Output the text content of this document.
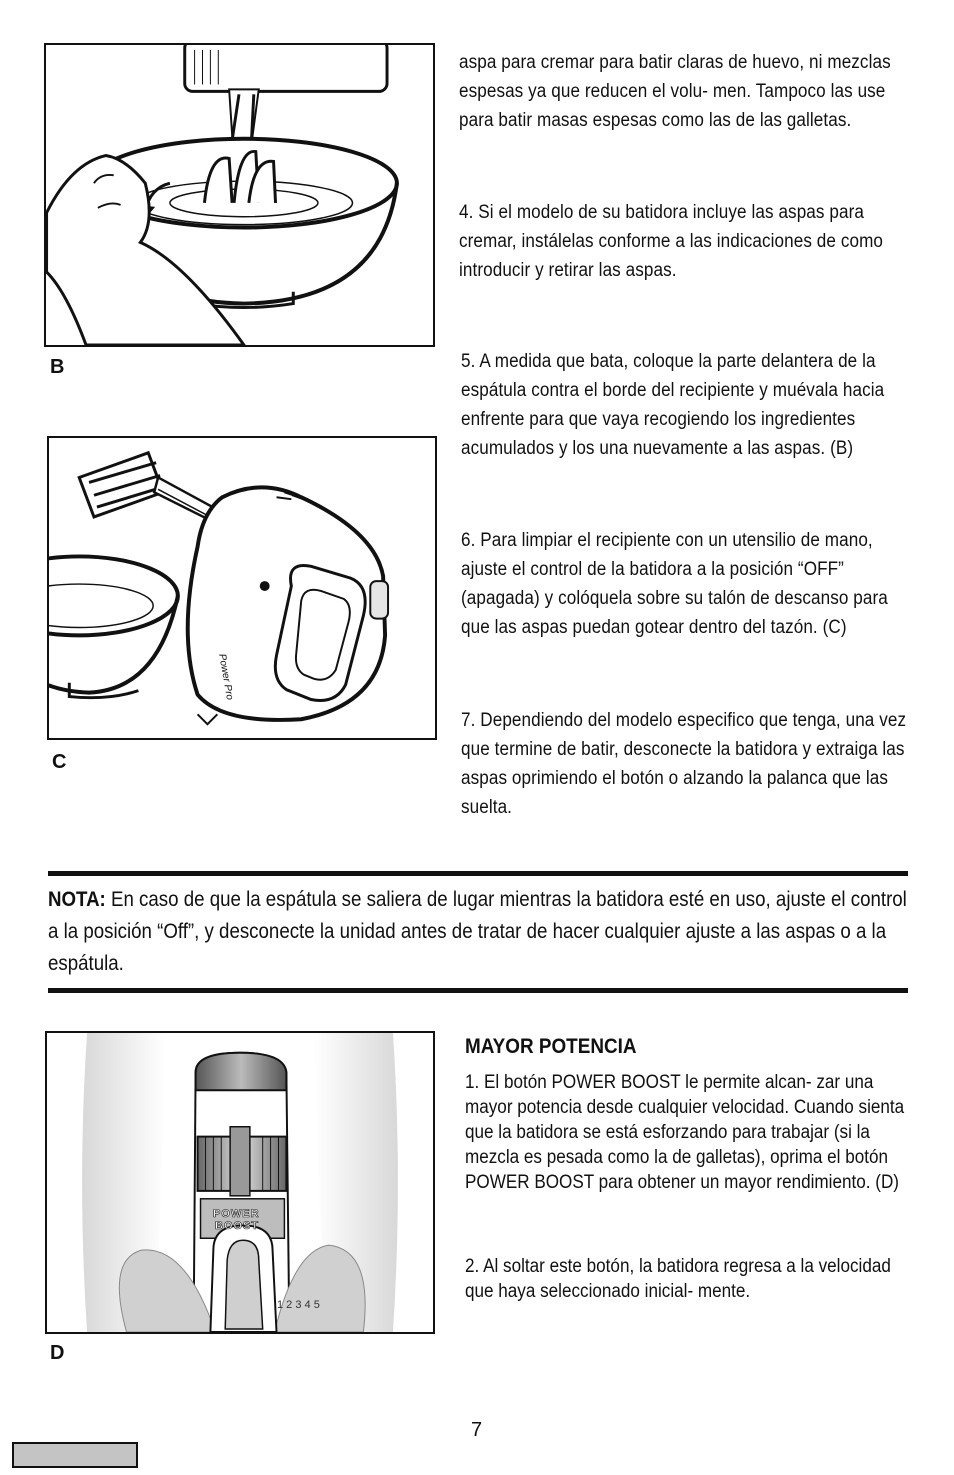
B
Power Pro
C

aspa para cremar para batir claras de huevo, ni mezclas espesas ya que reducen el volu- men. Tampoco las use para batir masas espesas como las de las galletas.

4. Si el modelo de su batidora incluye las aspas para cremar, instálelas conforme a las indicaciones de como introducir y retirar las aspas.

5. A medida que bata, coloque la parte delantera de la espátula contra el borde del recipiente y muévala hacia enfrente para que vaya recogiendo los ingredientes acumulados y los una nuevamente a las aspas. (B)

6. Para limpiar el recipiente con un utensilio de mano, ajuste el control de la batidora a la posición “OFF” (apagada) y colóquela sobre su talón de descanso para que las aspas puedan gotear dentro del tazón. (C)

7. Dependiendo del modelo especifico que tenga, una vez que termine de batir, desconecte la batidora y extraiga las aspas oprimiendo el botón o alzando la palanca que las suelta.

NOTA: En caso de que la espátula se saliera de lugar mientras la batidora esté en uso, ajuste el control a la posición “Off”, y desconecte la unidad antes de tratar de hacer cualquier ajuste a las aspas o a la espátula.

POWER
BOOST
1 2 3 4 5
D
MAYOR POTENCIA

1. El botón POWER BOOST le permite alcan- zar una mayor potencia desde cualquier velocidad. Cuando sienta que la batidora se está esforzando para trabajar (si la mezcla es pesada como la de galletas), oprima el botón POWER BOOST para obtener un mayor rendimiento. (D)

2. Al soltar este botón, la batidora regresa a la velocidad que haya seleccionado inicial- mente.

7
